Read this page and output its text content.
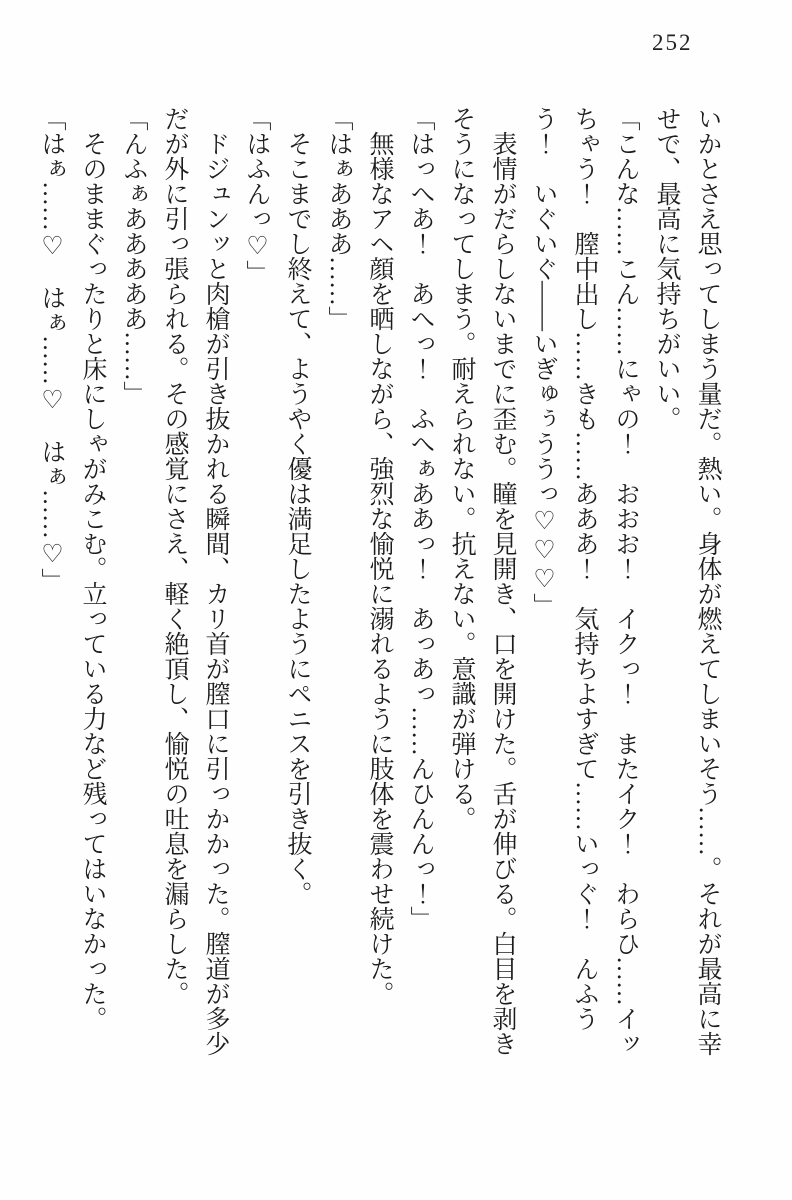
252

いかとさえ思ってしまう量だ。熱い。身体が燃えてしまいそう……。それが最高に幸

せで、最高に気持ちがいい。

「こんな……こん……にゃの！　おおお！　イクっ！　またイク！　わらひ……イッ

ちゃう！　膣中出し……きも……あああ！　気持ちよすぎて……いっぐ！　んふう

う！　いぐいぐ――いぎゅぅううっ♡♡♡」

　表情がだらしないまでに歪む。瞳を見開き、口を開けた。舌が伸びる。白目を剥き

そうになってしまう。耐えられない。抗えない。意識が弾ける。

「はっへあ！　あへっ！　ふへぁああっ！　あっあっ……んひんんっ！」

　無様なアヘ顔を晒しながら、強烈な愉悦に溺れるように肢体を震わせ続けた。

「はぁあああ……」

　そこまでし終えて、ようやく優は満足したようにペニスを引き抜く。

「はふんっ♡」

　ドジュンッと肉槍が引き抜かれる瞬間、カリ首が膣口に引っかかった。膣道が多少

だが外に引っ張られる。その感覚にさえ、軽く絶頂し、愉悦の吐息を漏らした。

「んふぁあああああ……」

　そのままぐったりと床にしゃがみこむ。立っている力など残ってはいなかった。

「はぁ……♡　はぁ……♡　はぁ……♡」
